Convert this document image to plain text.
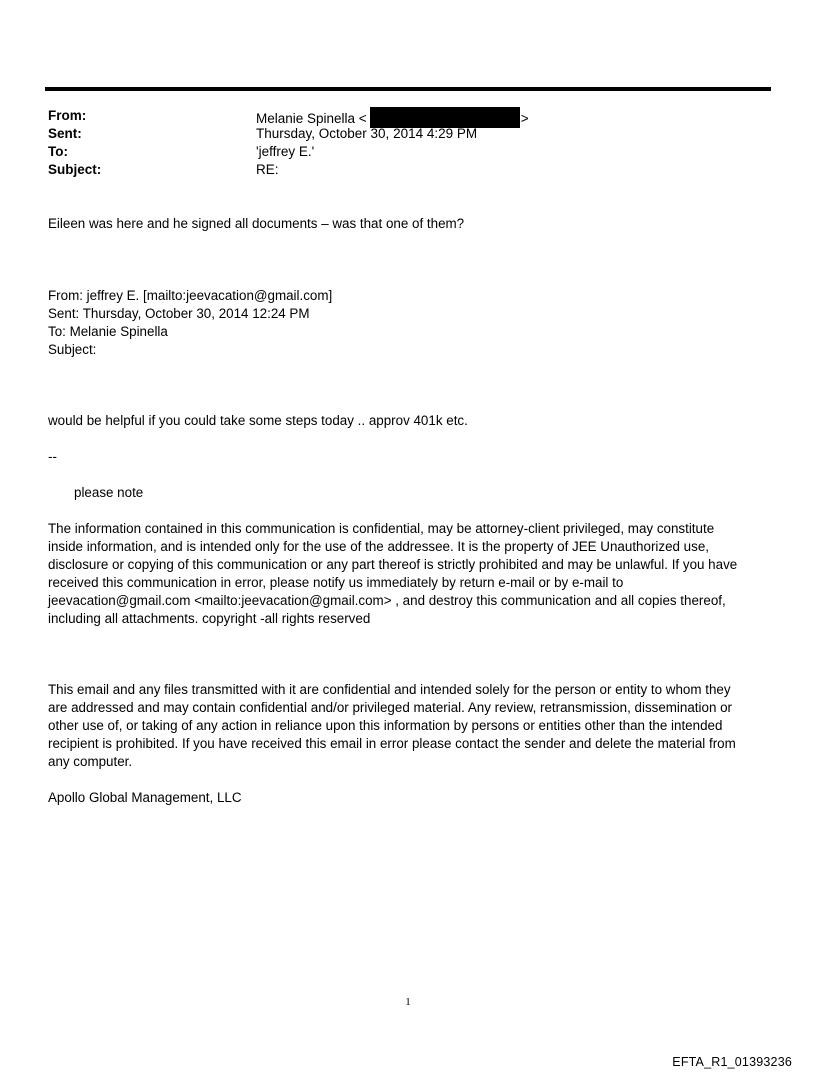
From:	Melanie Spinella <	>
Sent:	Thursday, October 30, 2014 4:29 PM
To:	'jeffrey E.'
Subject:	RE:
Eileen was here and he signed all documents – was that one of them?
From: jeffrey E. [mailto:jeevacation@gmail.com]
Sent: Thursday, October 30, 2014 12:24 PM
To: Melanie Spinella
Subject:
would be helpful if you could take some steps today .. approv 401k etc.
--
please note
The information contained in this communication is confidential, may be attorney-client privileged, may constitute
inside information, and is intended only for the use of the addressee. It is the property of JEE Unauthorized use,
disclosure or copying of this communication or any part thereof is strictly prohibited and may be unlawful. If you have
received this communication in error, please notify us immediately by return e-mail or by e-mail to
jeevacation@gmail.com <mailto:jeevacation@gmail.com> , and destroy this communication and all copies thereof,
including all attachments. copyright -all rights reserved
This email and any files transmitted with it are confidential and intended solely for the person or entity to whom they
are addressed and may contain confidential and/or privileged material. Any review, retransmission, dissemination or
other use of, or taking of any action in reliance upon this information by persons or entities other than the intended
recipient is prohibited. If you have received this email in error please contact the sender and delete the material from
any computer.
Apollo Global Management, LLC
1
EFTA_R1_01393236
